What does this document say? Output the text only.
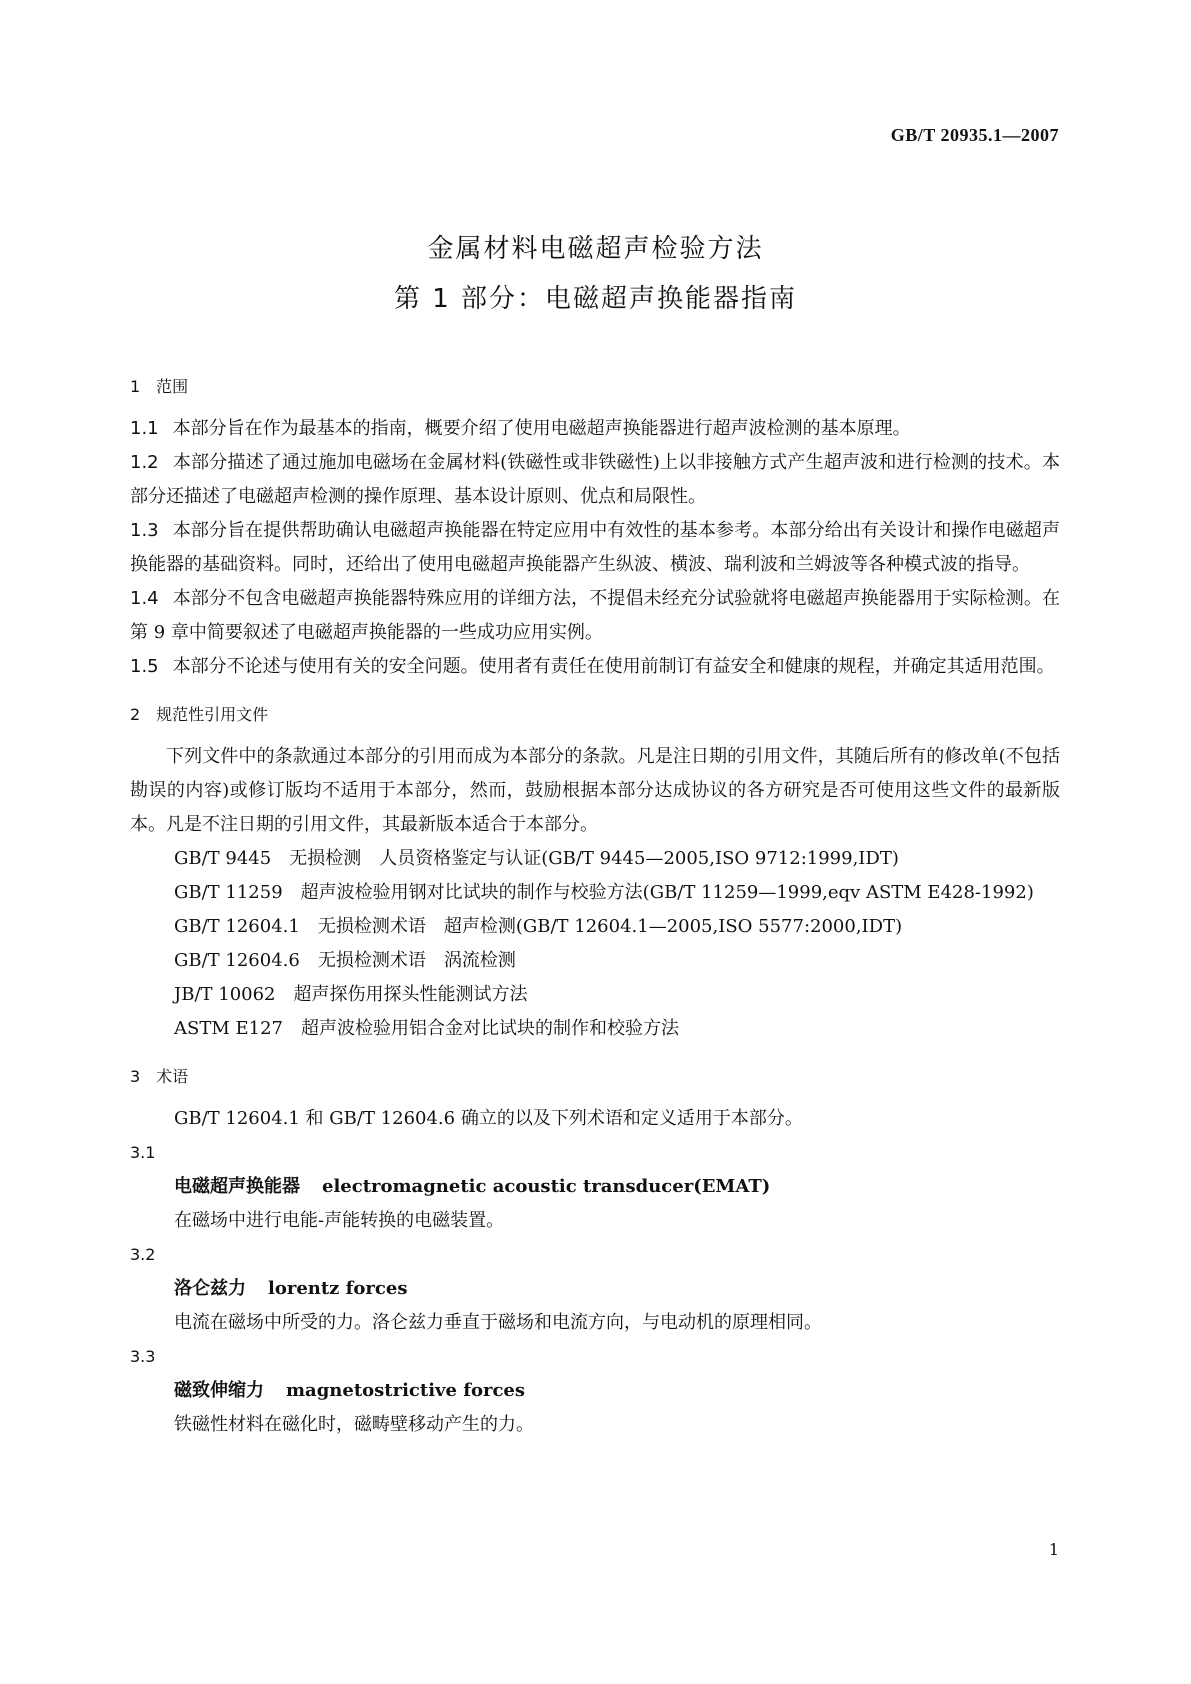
GB/T 20935.1—2007
金属材料电磁超声检验方法
第 1 部分：电磁超声换能器指南
1　范围

1.1 本部分旨在作为最基本的指南，概要介绍了使用电磁超声换能器进行超声波检测的基本原理。

1.2 本部分描述了通过施加电磁场在金属材料(铁磁性或非铁磁性)上以非接触方式产生超声波和进行检测的技术。本部分还描述了电磁超声检测的操作原理、基本设计原则、优点和局限性。

1.3 本部分旨在提供帮助确认电磁超声换能器在特定应用中有效性的基本参考。本部分给出有关设计和操作电磁超声换能器的基础资料。同时，还给出了使用电磁超声换能器产生纵波、横波、瑞利波和兰姆波等各种模式波的指导。

1.4 本部分不包含电磁超声换能器特殊应用的详细方法，不提倡未经充分试验就将电磁超声换能器用于实际检测。在第 9 章中简要叙述了电磁超声换能器的一些成功应用实例。

1.5 本部分不论述与使用有关的安全问题。使用者有责任在使用前制订有益安全和健康的规程，并确定其适用范围。

2　规范性引用文件

下列文件中的条款通过本部分的引用而成为本部分的条款。凡是注日期的引用文件，其随后所有的修改单(不包括勘误的内容)或修订版均不适用于本部分，然而，鼓励根据本部分达成协议的各方研究是否可使用这些文件的最新版本。凡是不注日期的引用文件，其最新版本适合于本部分。

GB/T 9445 无损检测　人员资格鉴定与认证(GB/T 9445—2005,ISO 9712:1999,IDT)

GB/T 11259 超声波检验用钢对比试块的制作与校验方法(GB/T 11259—1999,eqv ASTM E428-1992)

GB/T 12604.1 无损检测术语　超声检测(GB/T 12604.1—2005,ISO 5577:2000,IDT)

GB/T 12604.6 无损检测术语　涡流检测

JB/T 10062 超声探伤用探头性能测试方法

ASTM E127 超声波检验用铝合金对比试块的制作和校验方法

3　术语

GB/T 12604.1 和 GB/T 12604.6 确立的以及下列术语和定义适用于本部分。

3.1

电磁超声换能器 electromagnetic acoustic transducer(EMAT)

在磁场中进行电能-声能转换的电磁装置。

3.2

洛仑兹力 lorentz forces

电流在磁场中所受的力。洛仑兹力垂直于磁场和电流方向，与电动机的原理相同。

3.3

磁致伸缩力 magnetostrictive forces

铁磁性材料在磁化时，磁畴壁移动产生的力。

1
